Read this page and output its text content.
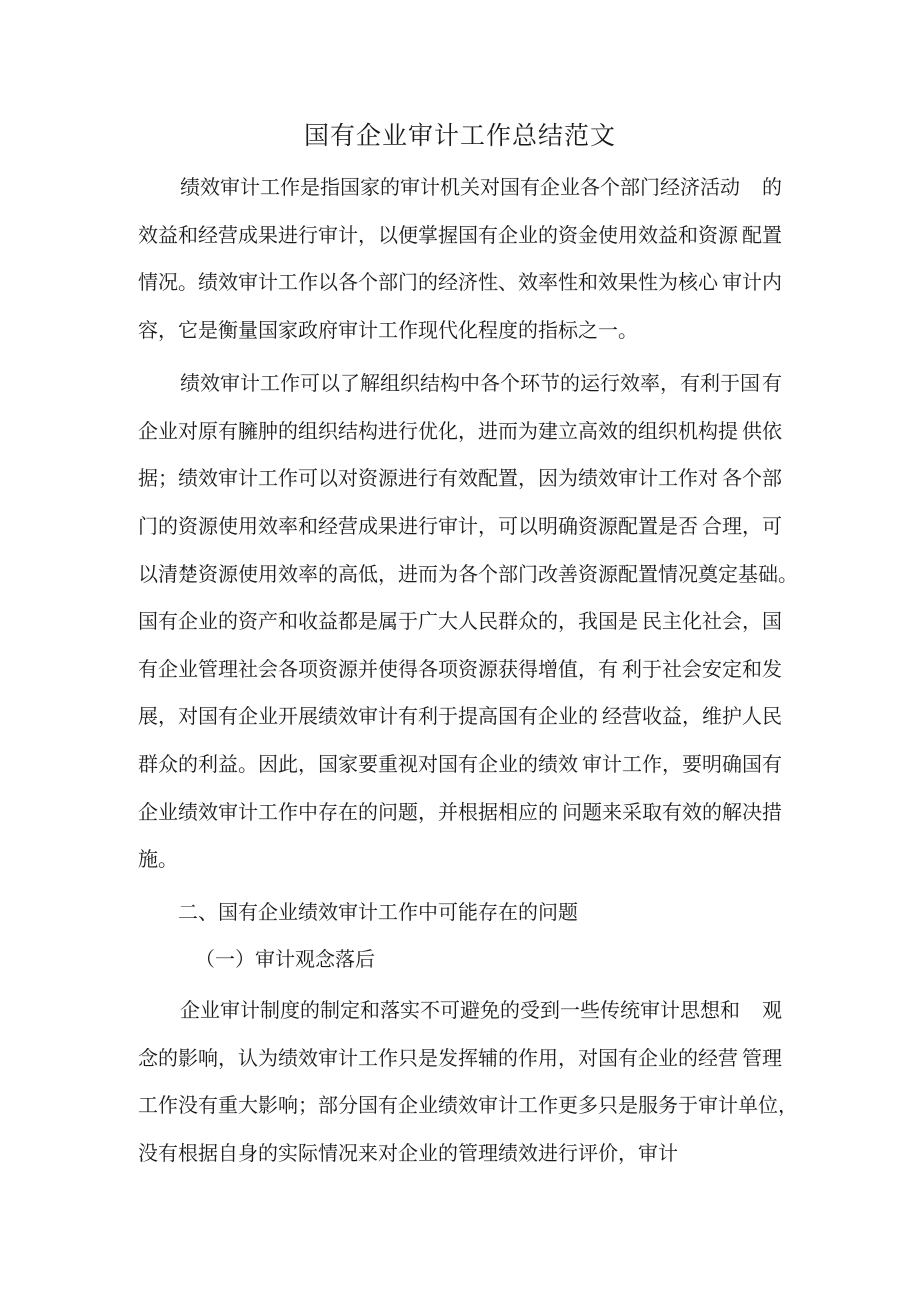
国有企业审计工作总结范文
绩效审计工作是指国家的审计机关对国有企业各个部门经济活动 的
效益和经营成果进行审计，以便掌握国有企业的资金使用效益和资源 配置
情况。绩效审计工作以各个部门的经济性、效率性和效果性为核心 审计内
容，它是衡量国家政府审计工作现代化程度的指标之一。
绩效审计工作可以了解组织结构中各个环节的运行效率，有利于国 有
企业对原有臃肿的组织结构进行优化，进而为建立高效的组织机构提 供依
据；绩效审计工作可以对资源进行有效配置，因为绩效审计工作对 各个部
门的资源使用效率和经营成果进行审计，可以明确资源配置是否 合理，可
以清楚资源使用效率的高低，进而为各个部门改善资源配置情 况奠定基础。
国有企业的资产和收益都是属于广大人民群众的，我国是 民主化社会，国
有企业管理社会各项资源并使得各项资源获得增值，有 利于社会安定和发
展，对国有企业开展绩效审计有利于提高国有企业的 经营收益，维护人民
群众的利益。因此，国家要重视对国有企业的绩效 审计工作，要明确国有
企业绩效审计工作中存在的问题，并根据相应的 问题来采取有效的解决措
施。
二、国有企业绩效审计工作中可能存在的问题
（一）审计观念落后
企业审计制度的制定和落实不可避免的受到一些传统审计思想和 观
念的影响，认为绩效审计工作只是发挥辅的作用，对国有企业的经营 管理
工作没有重大影响；部分国有企业绩效审计工作更多只是服务于审 计单位，
没有根据自身的实际情况来对企业的管理绩效进行评价，审计
